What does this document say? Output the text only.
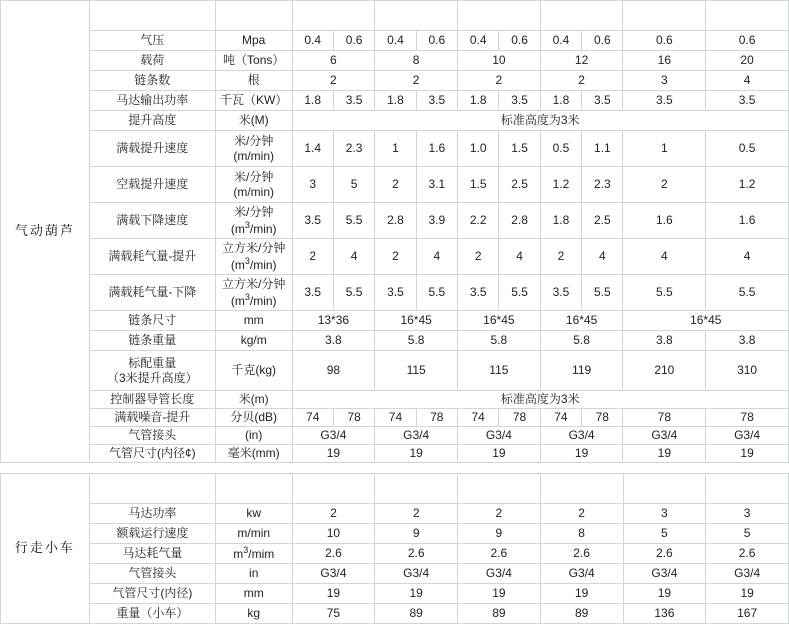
气动葫芦	型 号	单 位	LSHQ6-2		LSHQ8-2		LSHQ10-2		LSHQ12-2		LSHQ16-2	LSHQ20-2
	气压	Mpa	0.4	0.6	0.4	0.6	0.4	0.6	0.4	0.6	0.6	0.6
	载荷	吨（Tons）	6		8		10		12		16	20
	链条数	根	2		2		2		2		3	4
	马达输出功率	千瓦（KW）	1.8	3.5	1.8	3.5	1.8	3.5	1.8	3.5	3.5	3.5
	提升高度	米(M)	标准高度为3米									
	满载提升速度	米/分钟
(m/min)	1.4	2.3	1	1.6	1.0	1.5	0.5	1.1	1	0.5
	空载提升速度	米/分钟
(m/min)	3	5	2	3.1	1.5	2.5	1.2	2.3	2	1.2
	满载下降速度	米/分钟
$(m^3/\min)$	3.5	5.5	2.8	3.9	2.2	2.8	1.8	2.5	1.6	1.6
	满载耗气量-提升	立方米/分钟
$(m^3/\min)$	2	4	2	4	2	4	2	4	4	4
	满载耗气量-下降	立方米/分钟
$(m^3/\min)$	3.5	5.5	3.5	5.5	3.5	5.5	3.5	5.5	5.5	5.5
	链条尺寸	mm	13*36		16*45		16*45		16*45		16*45	
	链条重量	kg/m	3.8		5.8		5.8		5.8		3.8	3.8
	标配重量
（3米提升高度）	千克(kg)	98		115		115		119		210	310
	控制器导管长度	米(m)	标准高度为3米									
	满载噪音-提升	分贝(dB)	74	78	74	78	74	78	74	78	78	78
	气管接头	(in)	G3/4		G3/4		G3/4		G3/4		G3/4	G3/4
	气管尺寸(内径¢)	毫米(mm)	19		19		19		19		19	19
行走小车	型 号	单 位	LSHQ6-2	LSHQ8-2	LSHQ10-2	LSHQ12-2	LSHQ16-2	LSHQ20-2
	马达功率	kw	2	2	2	2	3	3
	额载运行速度	m/min	10	9	9	8	5	5
	马达耗气量	$m^3$/mim	2.6	2.6	2.6	2.6	2.6	2.6
	气管接头	in	G3/4	G3/4	G3/4	G3/4	G3/4	G3/4
	气管尺寸(内径)	mm	19	19	19	19	19	19
	重量（小车）	kg	75	89	89	89	136	167
